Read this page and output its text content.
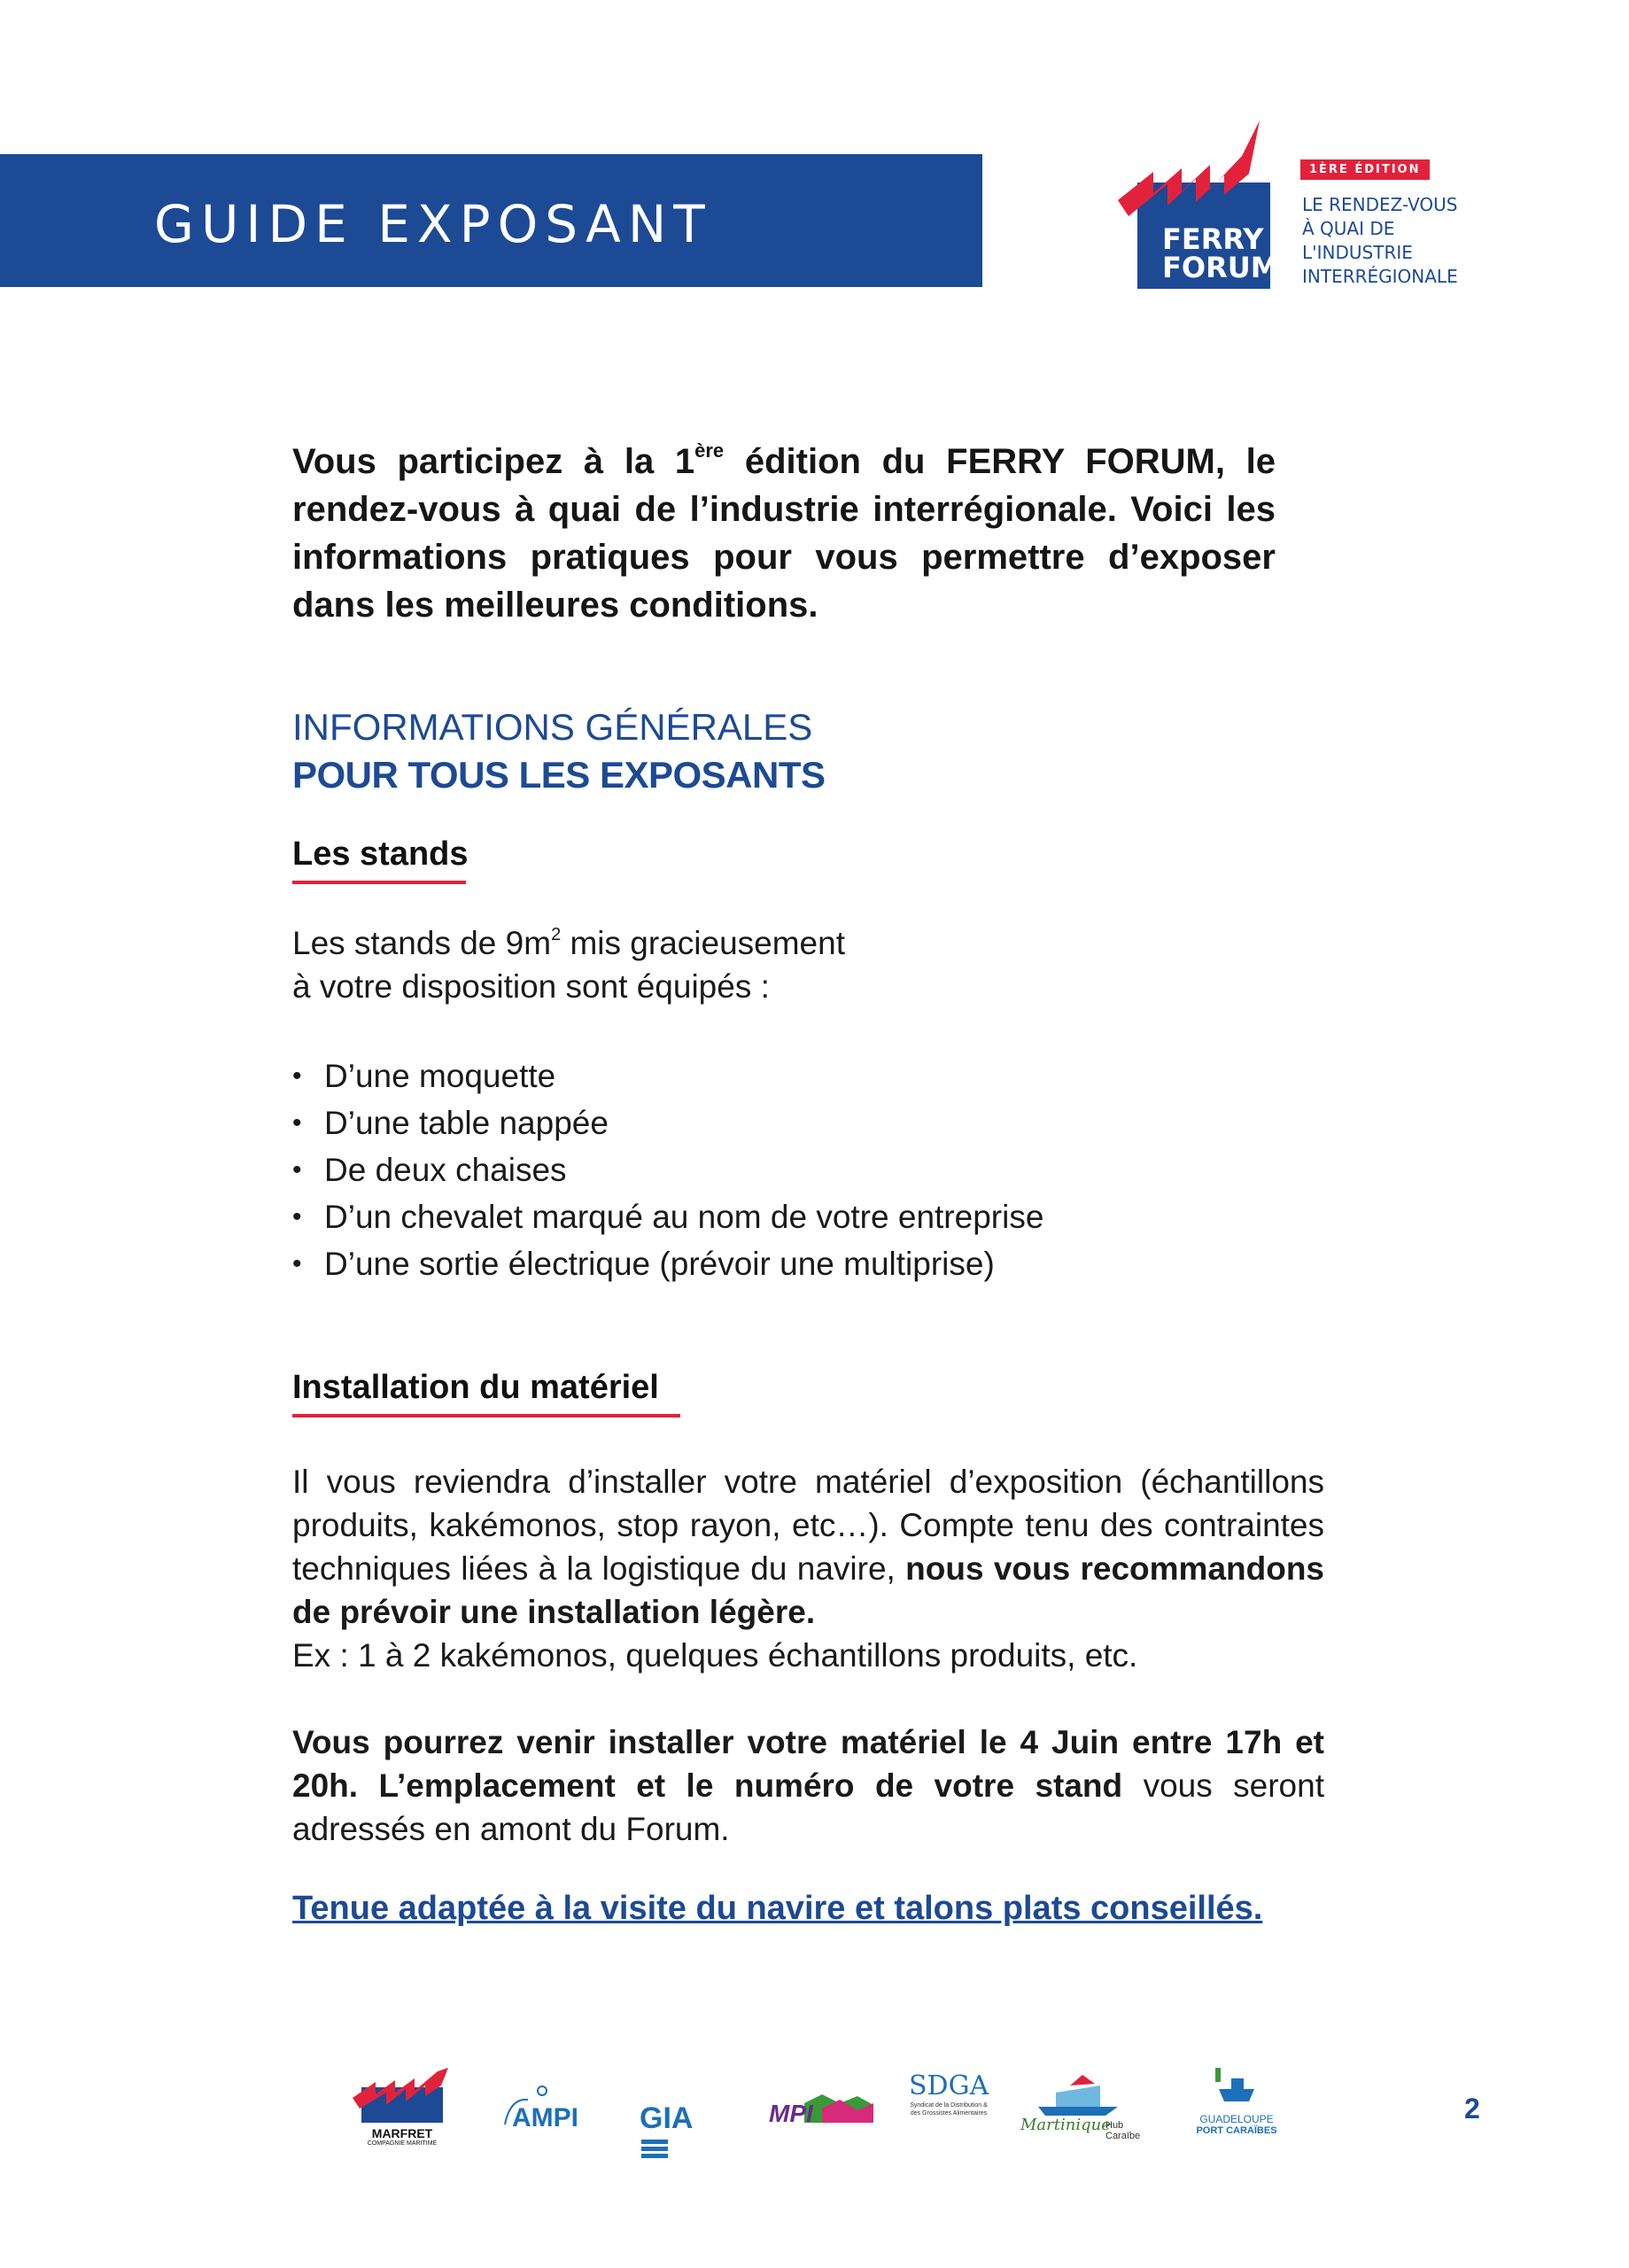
GUIDE EXPOSANT	FERRY
FORUM
1ÈRE ÉDITION
LE RENDEZ-VOUS
À QUAI DE
L'INDUSTRIE
INTERRÉGIONALE
Vous participez à la 1ère édition du FERRY FORUM, le rendez-vous à quai de l’industrie interrégionale. Voici les informations pratiques pour vous permettre d’exposer dans les meilleures conditions.
INFORMATIONS GÉNÉRALES
POUR TOUS LES EXPOSANTS
Les stands
Les stands de $9m^2$ mis gracieusement
à votre disposition sont équipés :
• D’une moquette
• D’une table nappée
• De deux chaises
• D’un chevalet marqué au nom de votre entreprise
• D’une sortie électrique (prévoir une multiprise)
Installation du matériel
Il vous reviendra d’installer votre matériel d’exposition (échantillons produits, kakémonos, stop rayon, etc…). Compte tenu des contraintes techniques liées à la logistique du navire, nous vous recommandons de prévoir une installation légère.
Ex : 1 à 2 kakémonos, quelques échantillons produits, etc.
Vous pourrez venir installer votre matériel le 4 Juin entre 17h et 20h. L’emplacement et le numéro de votre stand vous seront adressés en amont du Forum.
Tenue adaptée à la visite du navire et talons plats conseillés.
MARFRET
COMPAGNIE MARITIME
AMPI GIA	MPI
SDGA
Syndicat de la Distribution & des Grossistes Alimentaires
Martinique
Hub Caraïbe
GUADELOUPE
PORT CARAÏBES
2
